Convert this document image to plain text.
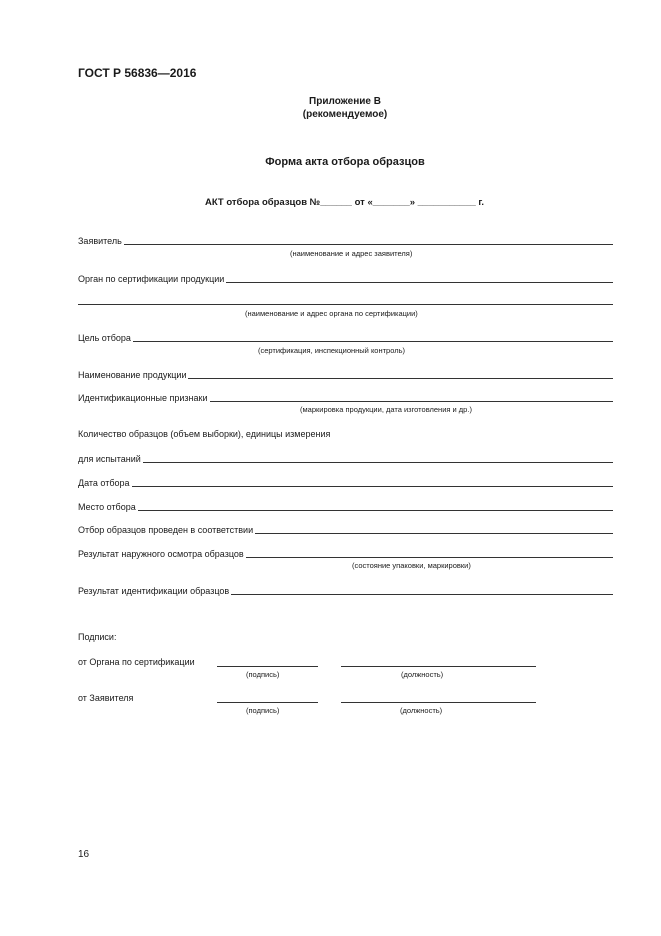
ГОСТ Р 56836—2016
Приложение В
(рекомендуемое)
Форма акта отбора образцов
АКТ отбора образцов №______ от «_______» ___________ г.
Заявитель
(наименование и адрес заявителя)
Орган по сертификации продукции
(наименование и адрес органа по сертификации)
Цель отбора
(сертификация, инспекционный контроль)
Наименование продукции
Идентификационные признаки
(маркировка продукции, дата изготовления и др.)
Количество образцов (объем выборки), единицы измерения
для испытаний
Дата отбора
Место отбора
Отбор образцов проведен в соответствии
Результат наружного осмотра образцов
(состояние упаковки, маркировки)
Результат идентификации образцов
Подписи:
от Органа по сертификации
(подпись)	(должность)
от Заявителя
(подпись)	(должность)
16
